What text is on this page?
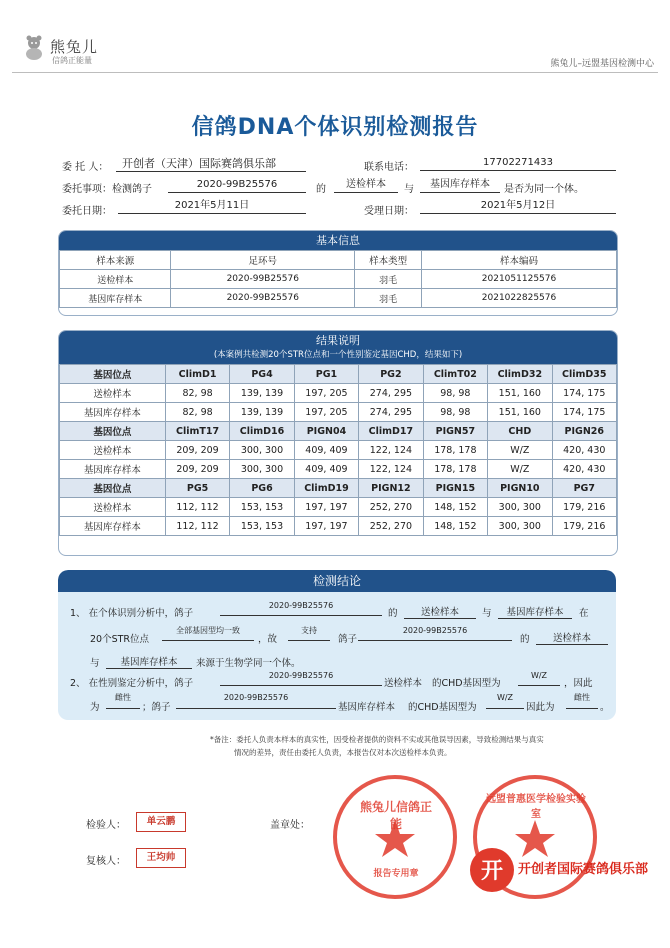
熊兔儿
信鸽正能量	熊兔儿–远盟基因检测中心
信鸽DNA个体识别检测报告
委 托 人： 开创者（天津）国际赛鸽俱乐部	联系电话：	17702271433
委托事项：检测鸽子	2020-99B25576	的	送检样本	与	基因库存样本	是否为同一个体。
委托日期：
2021年5月11日
受理日期：
2021年5月12日
基本信息
样本来源	足环号	样本类型	样本编码
送检样本	2020-99B25576	羽毛	2021051125576
基因库存样本	2020-99B25576	羽毛	2021022825576
结果说明
(本案例共检测20个STR位点和一个性别鉴定基因CHD，结果如下)
基因位点	ClimD1	PG4	PG1	PG2	ClimT02	ClimD32	ClimD35
送检样本	82, 98	139, 139	197, 205	274, 295	98, 98	151, 160	174, 175
基因库存样本	82, 98	139, 139	197, 205	274, 295	98, 98	151, 160	174, 175
基因位点	ClimT17	ClimD16	PIGN04	ClimD17	PIGN57	CHD	PIGN26
送检样本	209, 209	300, 300	409, 409	122, 124	178, 178	W/Z	420, 430
基因库存样本	209, 209	300, 300	409, 409	122, 124	178, 178	W/Z	420, 430
基因位点	PG5	PG6	ClimD19	PIGN12	PIGN15	PIGN10	PG7
送检样本	112, 112	153, 153	197, 197	252, 270	148, 152	300, 300	179, 216
基因库存样本	112, 112	153, 153	197, 197	252, 270	148, 152	300, 300	179, 216
检测结论
1、 在个体识别分析中，鸽子
2020-99B25576
的	送检样本	与	基因库存样本	在
20个STR位点
全部基因型均一致
，故
支持
鸽子
2020-99B25576
的	送检样本
与	基因库存样本	来源于生物学同一个体。
2、 在性别鉴定分析中，鸽子
2020-99B25576
送检样本 的CHD基因型为
W/Z
，因此
为
雌性
；鸽子
2020-99B25576
基因库存样本 的CHD基因型为
W/Z
因此为
雌性
。
*备注：委托人负责本样本的真实性，因受检者提供的资料不实或其他误导因素，导致检测结果与真实
情况的差异，责任由委托人负责，本报告仅对本次送检样本负责。
检验人：	单云鹏
复核人：	王均帅
盖章处：
熊兔儿信鸽正能
报告专用章
远盟普惠医学检验实验室
开 开创者国际赛鸽俱乐部
